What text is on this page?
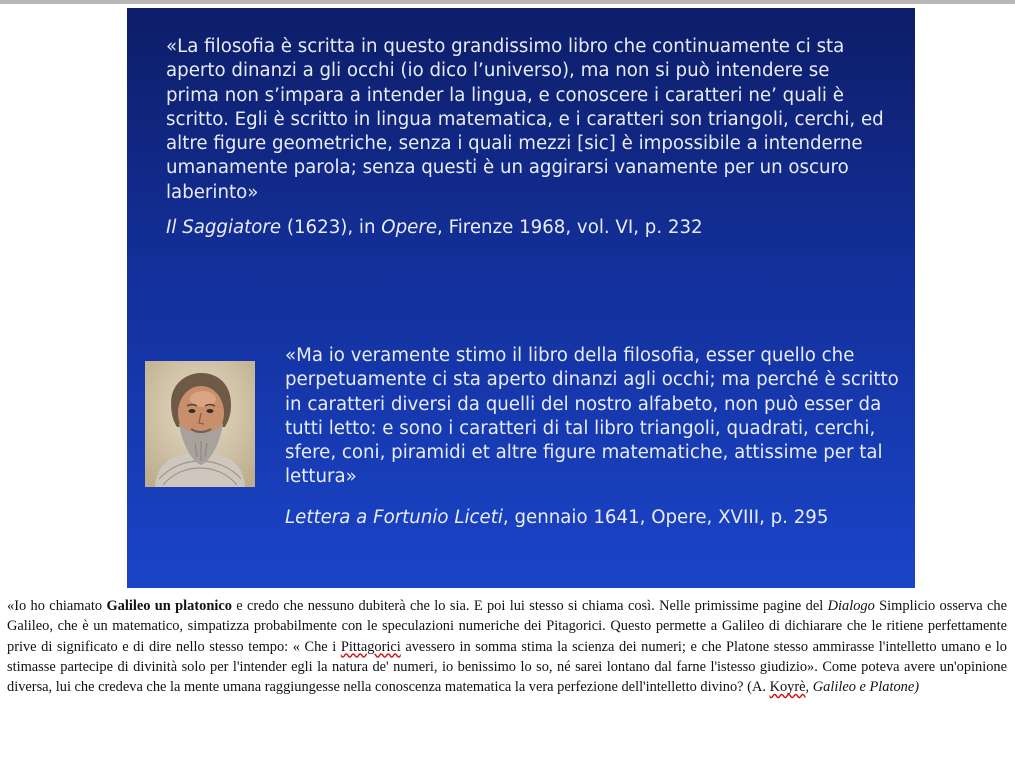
«La filosofia è scritta in questo grandissimo libro che continuamente ci sta aperto dinanzi a gli occhi (io dico l’universo), ma non si può intendere se prima non s’impara a intender la lingua, e conoscere i caratteri ne’ quali è scritto. Egli è scritto in lingua matematica, e i caratteri son triangoli, cerchi, ed altre figure geometriche, senza i quali mezzi [sic] è impossibile a intenderne umanamente parola; senza questi è un aggirarsi vanamente per un oscuro laberinto»

Il Saggiatore (1623), in Opere, Firenze 1968, vol. VI, p. 232

«Ma io veramente stimo il libro della filosofia, esser quello che perpetuamente ci sta aperto dinanzi agli occhi; ma perché è scritto in caratteri diversi da quelli del nostro alfabeto, non può esser da tutti letto: e sono i caratteri di tal libro triangoli, quadrati, cerchi, sfere, coni, piramidi et altre figure matematiche, attissime per tal lettura»

Lettera a Fortunio Liceti, gennaio 1641, Opere, XVIII, p. 295

«Io ho chiamato Galileo un platonico e credo che nessuno dubiterà che lo sia. E poi lui stesso si chiama così. Nelle primissime pagine del Dialogo Simplicio osserva che Galileo, che è un matematico, simpatizza probabilmente con le speculazioni numeriche dei Pitagorici. Questo permette a Galileo di dichiarare che le ritiene perfettamente prive di significato e di dire nello stesso tempo: « Che i Pittagorici avessero in somma stima la scienza dei numeri; e che Platone stesso ammirasse l'intelletto umano e lo stimasse partecipe di divinità solo per l'intender egli la natura de' numeri, io benissimo lo so, né sarei lontano dal farne l'istesso giudizio». Come poteva avere un'opinione diversa, lui che credeva che la mente umana raggiungesse nella conoscenza matematica la vera perfezione dell'intelletto divino? (A. Koyrè, Galileo e Platone)
